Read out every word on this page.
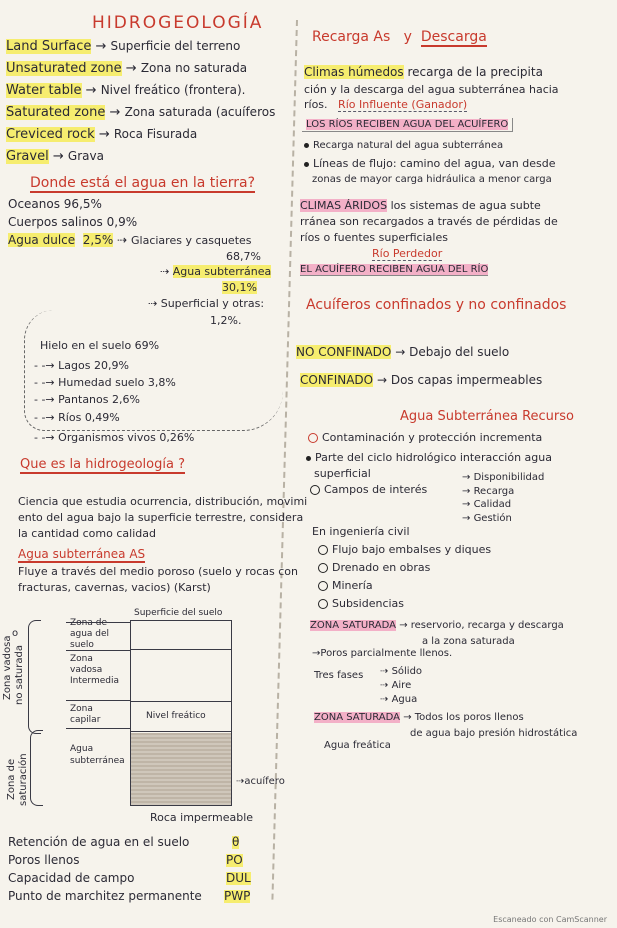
HIDROGEOLOGÍA
Land Surface → Superficie del terreno
Unsaturated zone → Zona no saturada
Water table → Nivel freático (frontera).
Saturated zone → Zona saturada (acuíferos
Creviced rock → Roca Fisurada
Gravel → Grava
Donde está el agua en la tierra?
Oceanos 96,5%
Cuerpos salinos 0,9%
Agua dulce 2,5% ⇢ Glaciares y casquetes
68,7%
⇢ Agua subterránea
30,1%
⇢ Superficial y otras:
1,2%.
Hielo en el suelo 69%
- -→ Lagos 20,9%
- -→ Humedad suelo 3,8%
- -→ Pantanos 2,6%
- -→ Ríos 0,49%
- -→ Organismos vivos 0,26%
Que es la hidrogeología ?
Ciencia que estudia ocurrencia, distribución, movimi
ento del agua bajo la superficie terrestre, considera
la cantidad como calidad
Agua subterránea AS
Fluye a través del medio poroso (suelo y rocas con
fracturas, cavernas, vacios) (Karst)
Superficie del suelo
Zona vadosa
o
no saturada
Zona de saturación
Zona de agua del suelo
Zona vadosa Intermedia
Zona capilar
Agua subterránea
Nivel freático
⇢acuífero
Roca impermeable
Retención de agua en el suelo	θ
Poros llenos	PO
Capacidad de campo	DUL
Punto de marchitez permanente PWP
Recarga As y Descarga
Climas húmedos recarga de la precipita
ción y la descarga del agua subterránea hacia
ríos. Río Influente (Ganador)
LOS RÍOS RECIBEN AGUA DEL ACUÍFERO
Recarga natural del agua subterránea
Líneas de flujo: camino del agua, van desde
zonas de mayor carga hidráulica a menor carga
CLIMAS ÁRIDOS los sistemas de agua subte
rránea son recargados a través de pérdidas de
ríos o fuentes superficiales
Río Perdedor
EL ACUÍFERO RECIBEN AGUA DEL RÍO
Acuíferos confinados y no confinados
NO CONFINADO → Debajo del suelo
CONFINADO → Dos capas impermeables
Agua Subterránea Recurso
Contaminación y protección incrementa
Parte del ciclo hidrológico interacción agua
superficial
Campos de interés
→ Disponibilidad
→ Recarga
→ Calidad
→ Gestión
En ingeniería civil
Flujo bajo embalses y diques
Drenado en obras
Minería
Subsidencias
ZONA SATURADA → reservorio, recarga y descarga
a la zona saturada
→Poros parcialmente llenos.
Tres fases ⇢ Sólido
⇢ Aire
⇢ Agua
ZONA SATURADA → Todos los poros llenos
de agua bajo presión hidrostática
Agua freática
Escaneado con CamScanner
